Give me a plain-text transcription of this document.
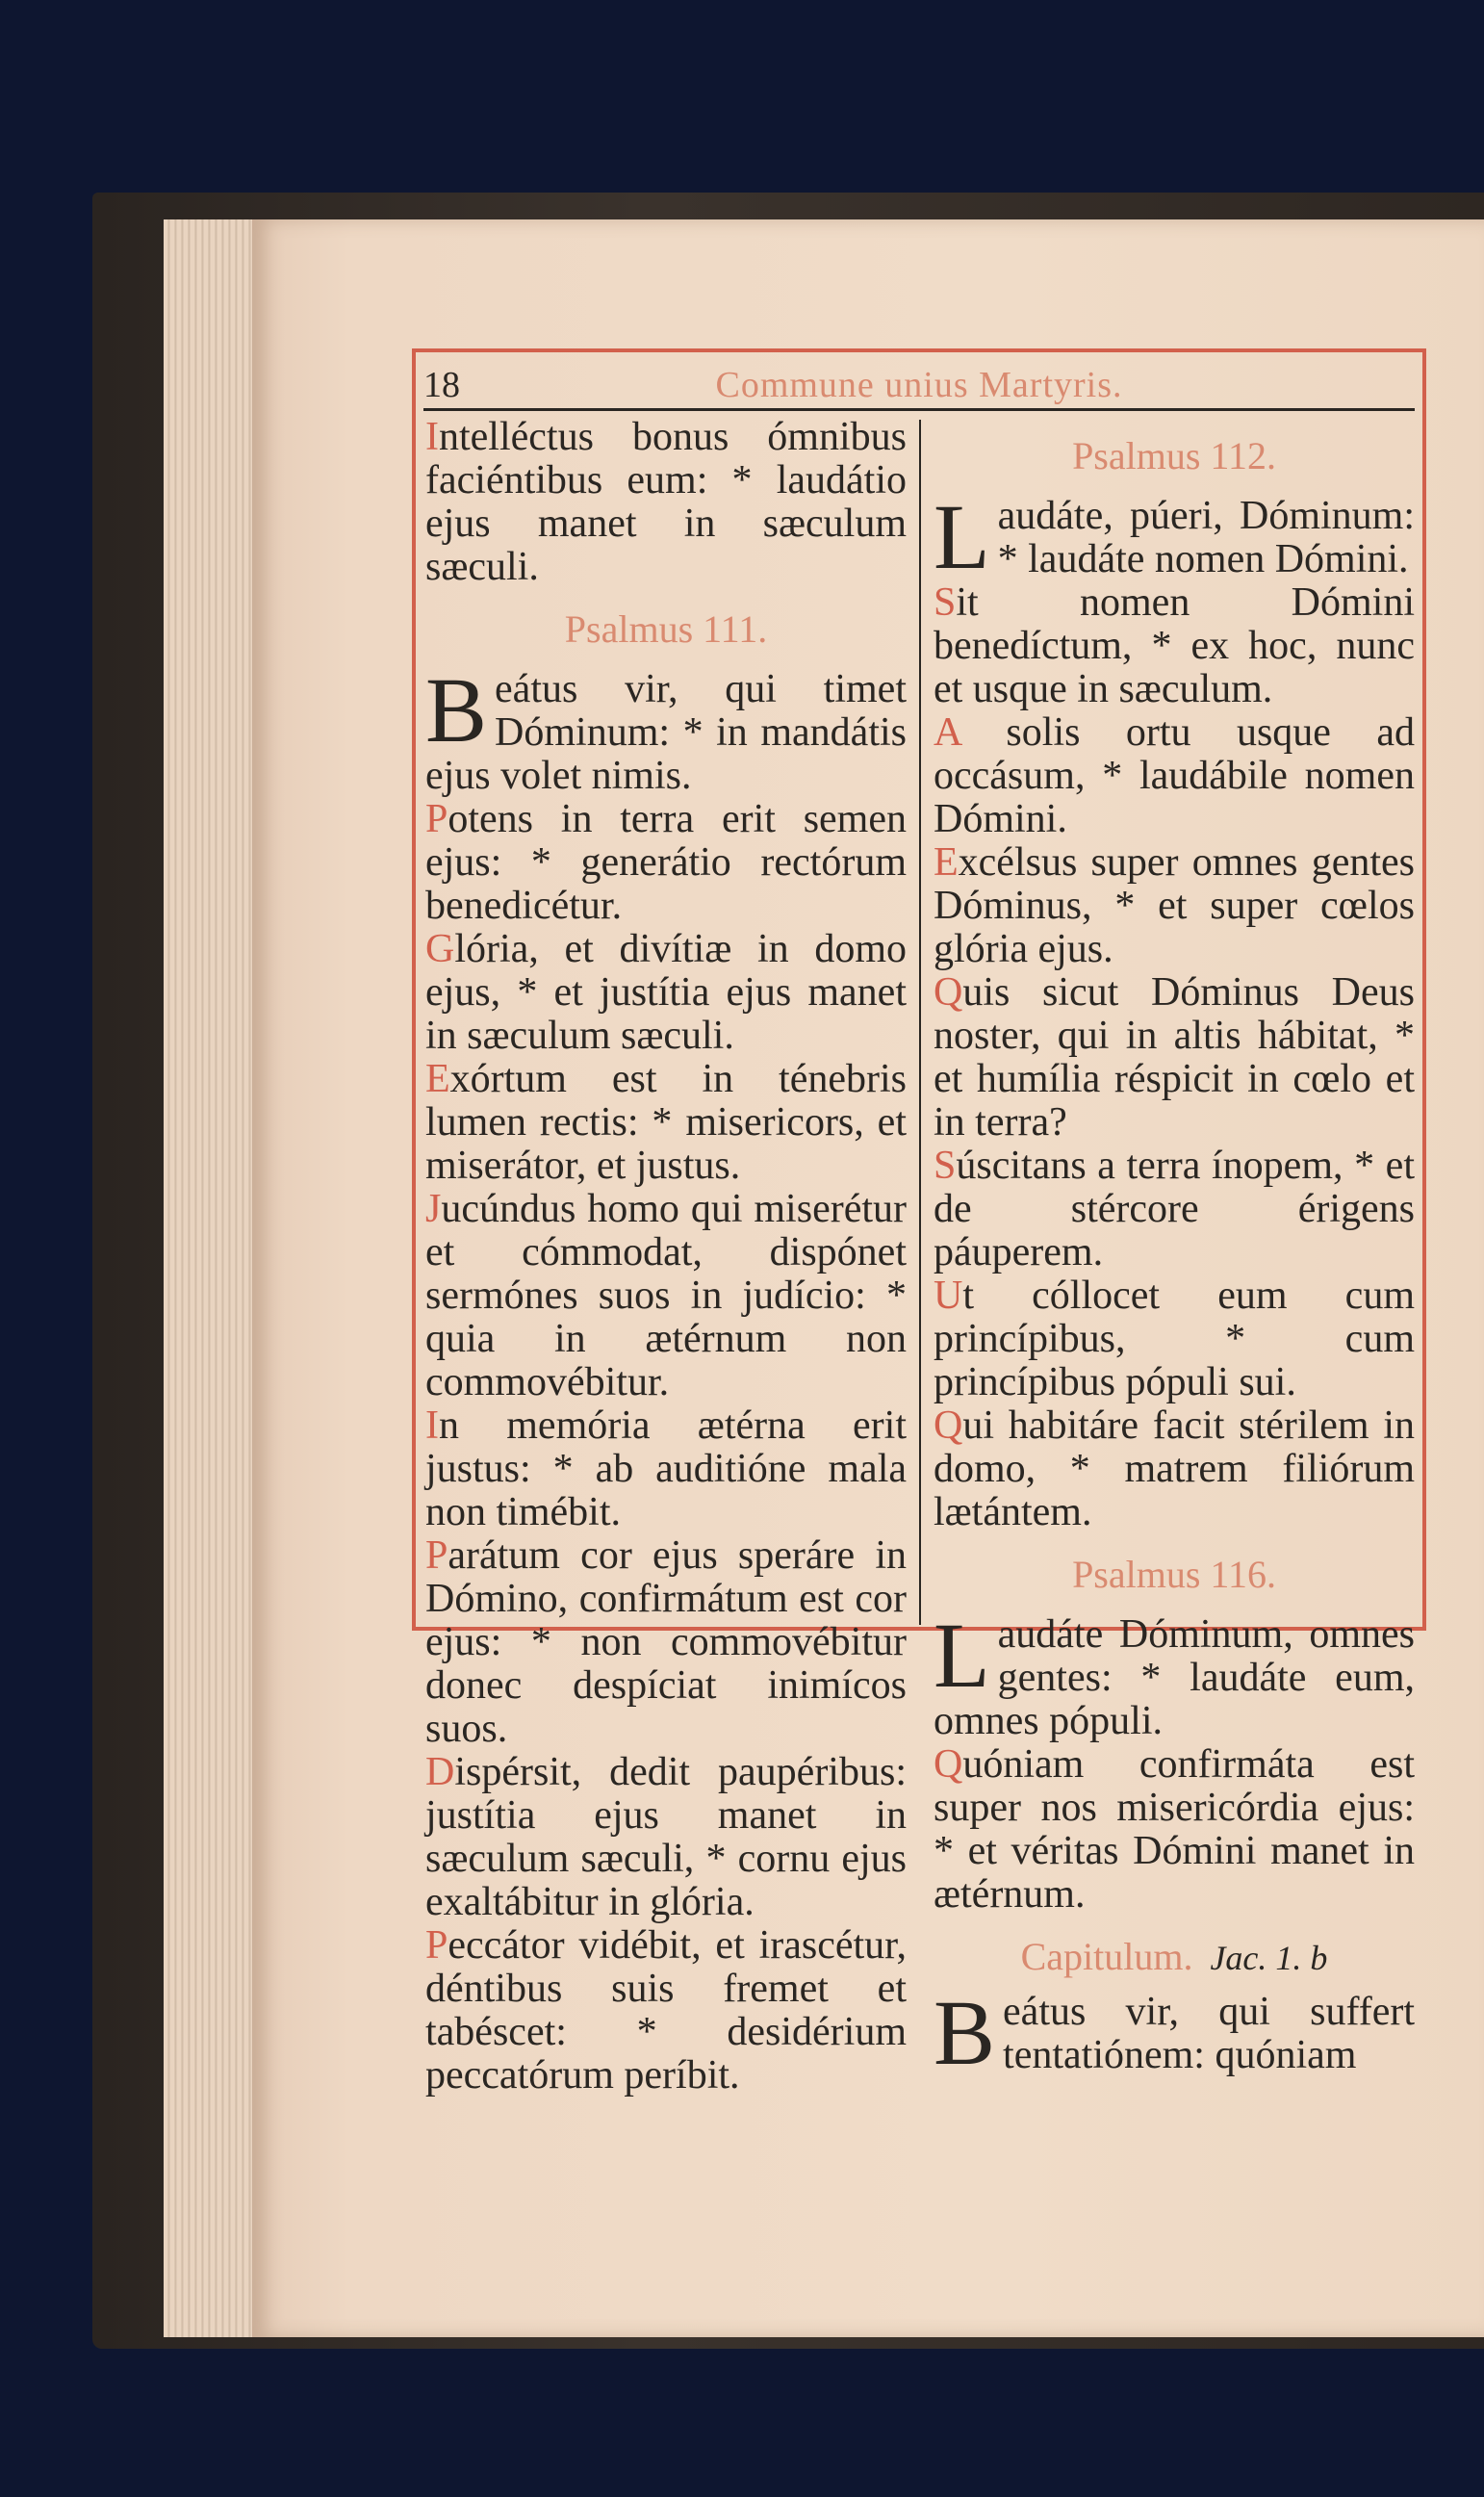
18	Commune unius Martyris.

Intelléctus bonus ómnibus faciéntibus eum: * laudátio ejus manet in sæculum sæculi.

Psalmus 111.

Beátus vir, qui timet Dóminum: * in mandátis ejus volet nimis.

Potens in terra erit semen ejus: * generátio rectórum benedicétur.

Glória, et divítiæ in domo ejus, * et justítia ejus manet in sæculum sæculi.

Exórtum est in ténebris lumen rectis: * misericors, et miserátor, et justus.

Jucúndus homo qui miserétur et cómmodat, dispónet sermónes suos in judício: * quia in ætérnum non commovébitur.

In memória ætérna erit justus: * ab auditióne mala non timébit.

Parátum cor ejus speráre in Dómino, confirmátum est cor ejus: * non commovébitur donec despíciat inimícos suos.

Dispérsit, dedit paupéribus: justítia ejus manet in sæculum sæculi, * cornu ejus exaltábitur in glória.

Peccátor vidébit, et irascétur, déntibus suis fremet et tabéscet: * desidérium peccatórum períbit.

Psalmus 112.

Laudáte, púeri, Dóminum: * laudáte nomen Dómini.

Sit nomen Dómini benedíctum, * ex hoc, nunc et usque in sæculum.

A solis ortu usque ad occásum, * laudábile nomen Dómini.

Excélsus super omnes gentes Dóminus, * et super cœlos glória ejus.

Quis sicut Dóminus Deus noster, qui in altis hábitat, * et humília réspicit in cœlo et in terra?

Súscitans a terra ínopem, * et de stércore érigens páuperem.

Ut cóllocet eum cum princípibus, * cum princípibus pópuli sui.

Qui habitáre facit stérilem in domo, * matrem filiórum lætántem.

Psalmus 116.

Laudáte Dóminum, omnes gentes: * laudáte eum, omnes pópuli.

Quóniam confirmáta est super nos misericórdia ejus: * et véritas Dómini manet in ætérnum.

Capitulum. Jac. 1. b

Beátus vir, qui suffert tentatiónem: quóniam
